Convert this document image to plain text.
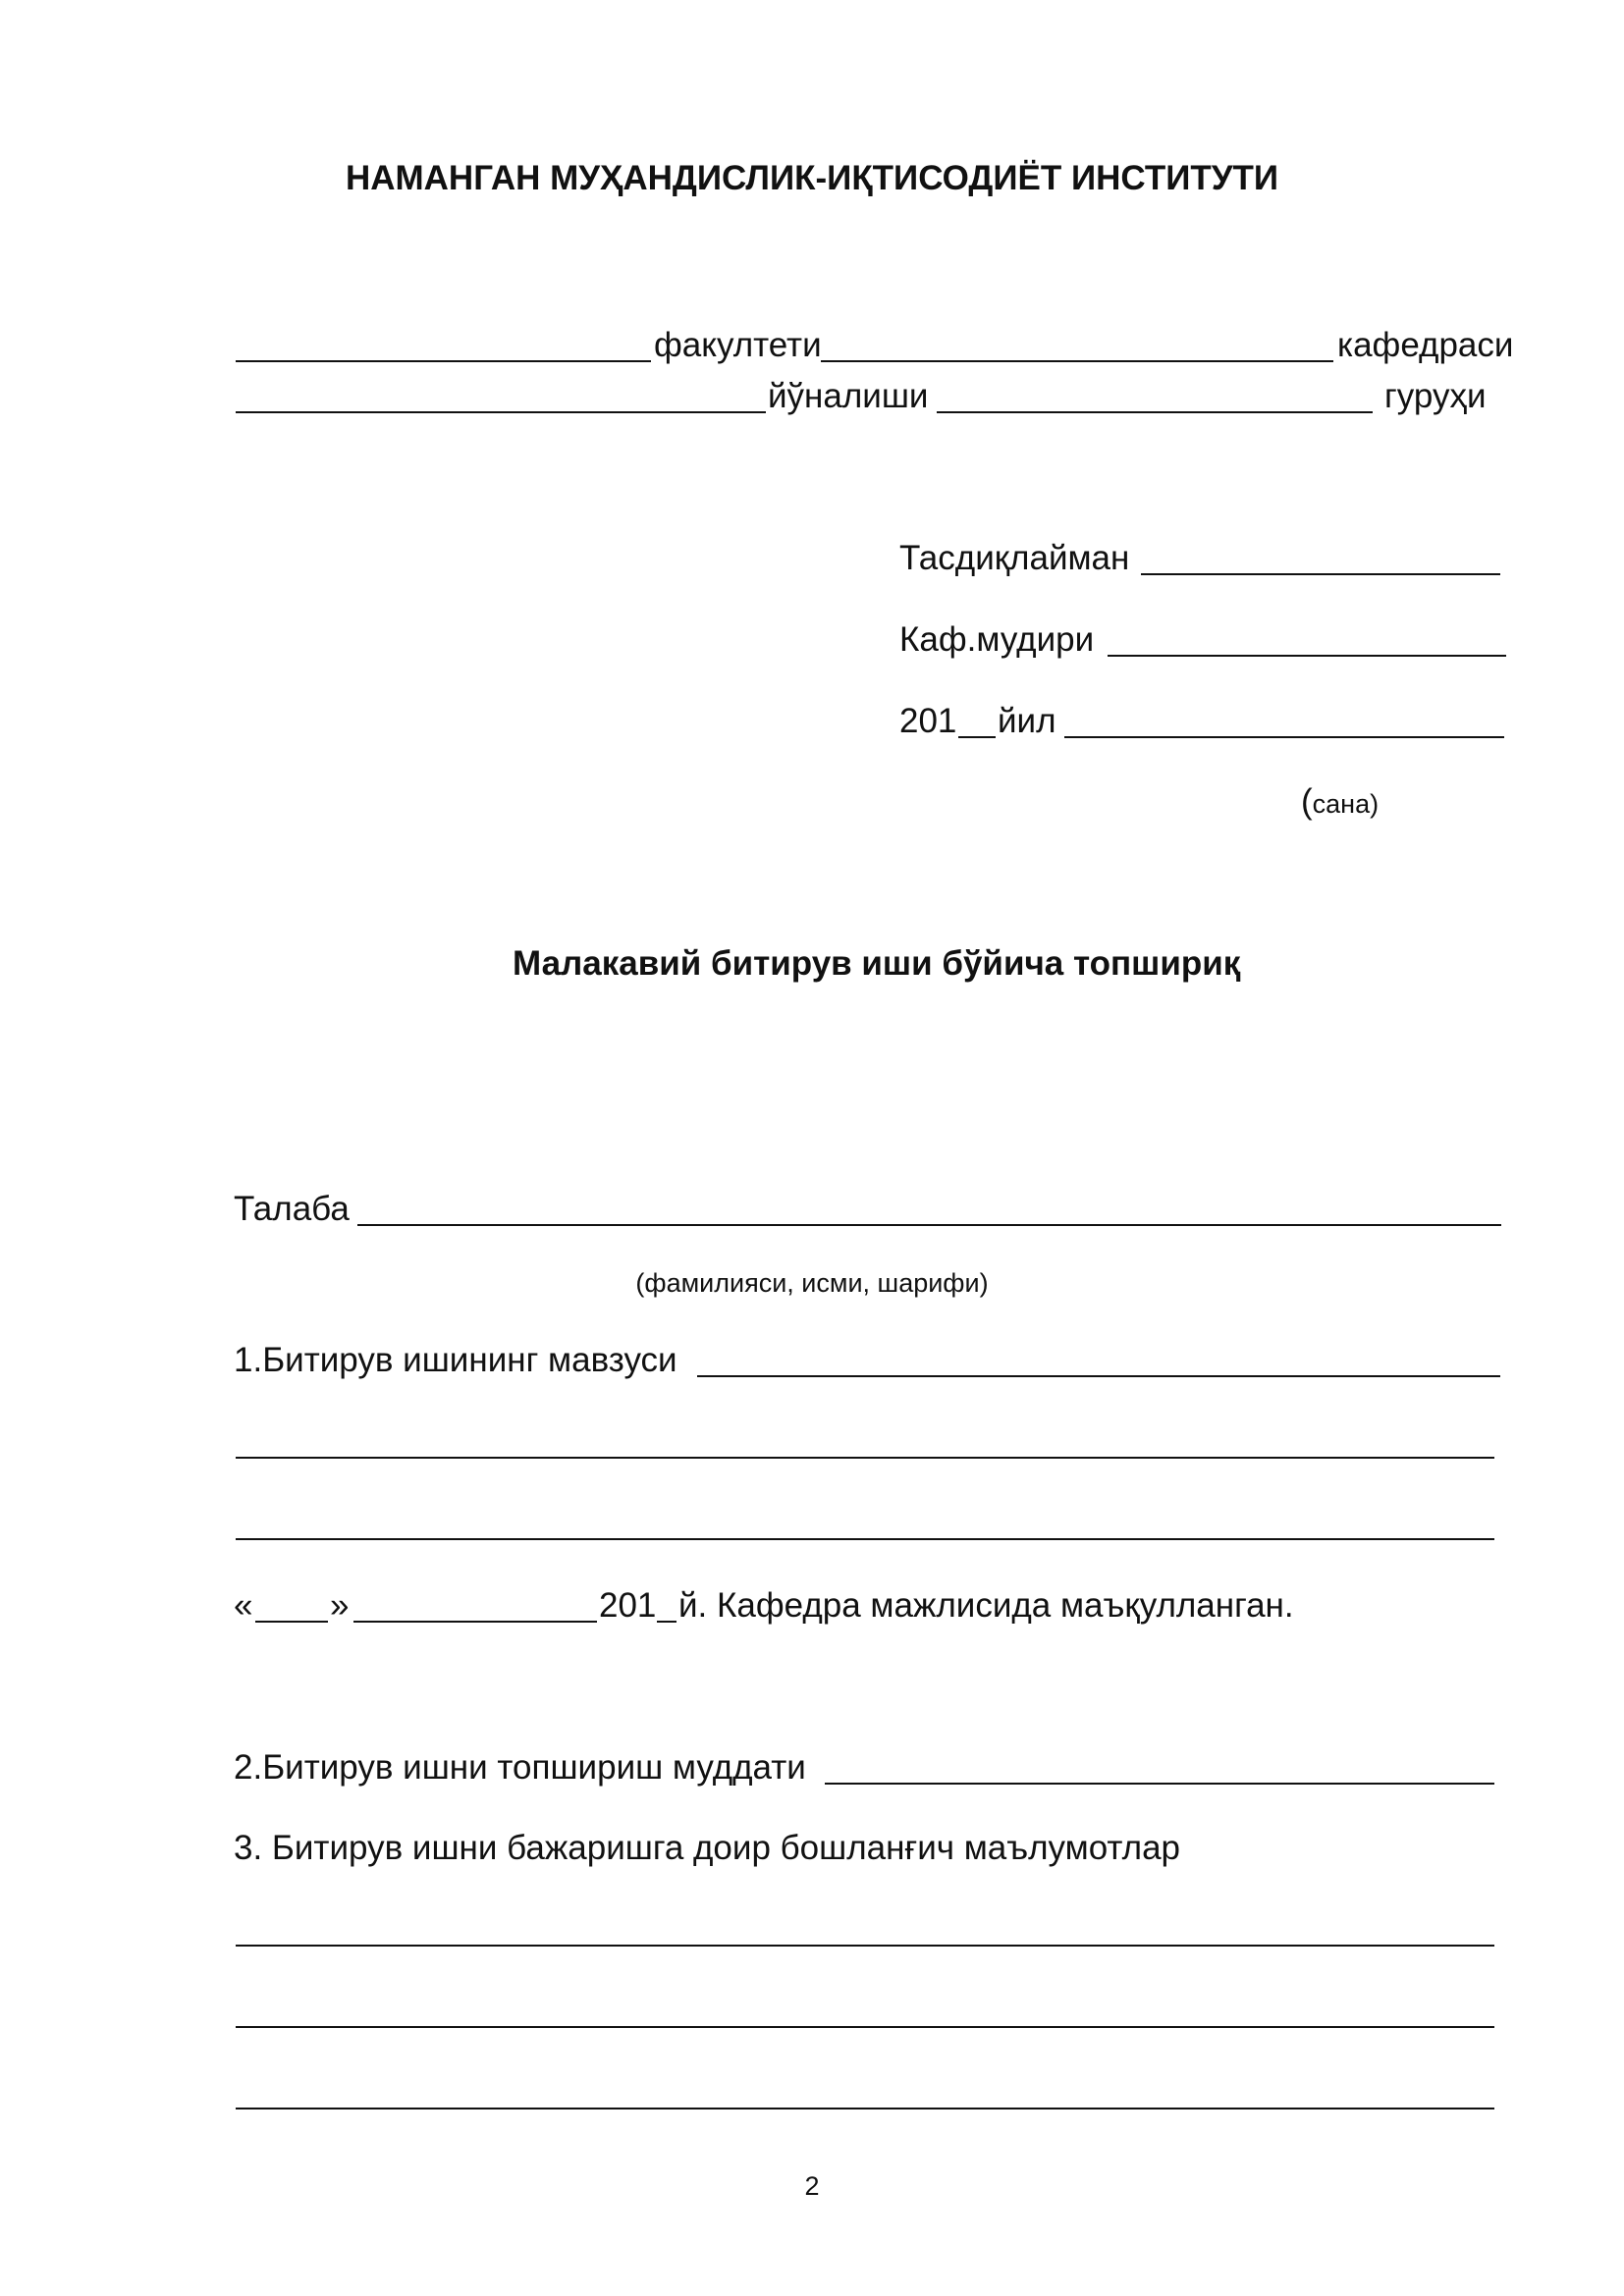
НАМАНГАН МУҲАНДИСЛИК-ИҚТИСОДИЁТ ИНСТИТУТИ
факултети	кафедраси
йўналиши	гуруҳи
Тасдиқлайман
Каф.мудири
201 йил
(сана)
Малакавий битирув иши бўйича топшириқ
Талаба
(фамилияси, исми, шарифи)
1.Битирув ишининг мавзуси
« »	201 й. Кафедра мажлисида маъқулланган.
2.Битирув ишни топшириш муддати
3. Битирув ишни бажаришга доир бошланғич маълумотлар
2
